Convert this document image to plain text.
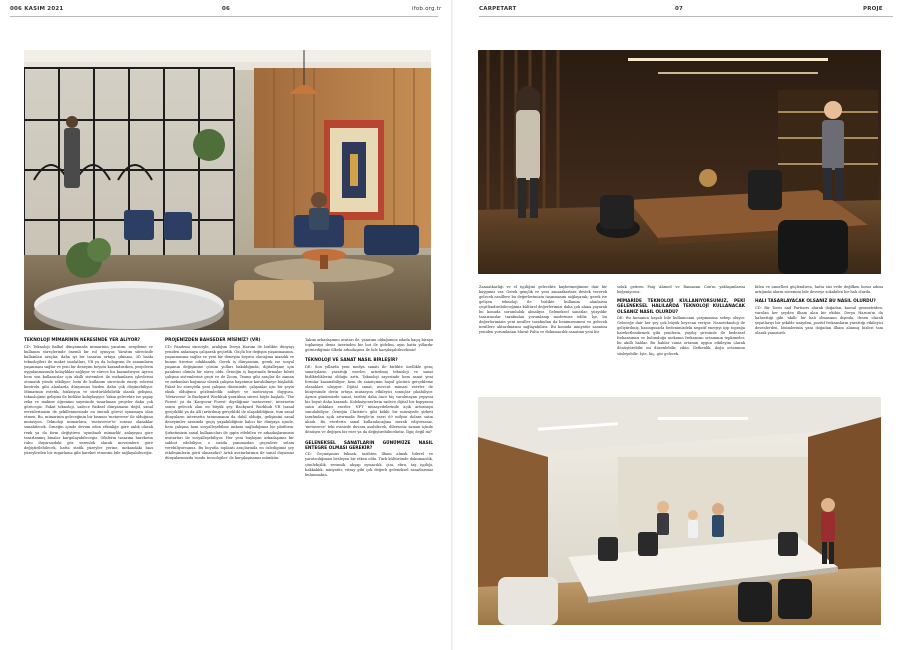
006 KASIM 2021	06	ifob.org.tr
TEKNOLOJİ MİMARİNİN NERESİNDE YER ALIYOR?

CD: Teknoloji Balkel dünyamızda mimarinin yaratım, sergileme ve kullanım süreçlerinde önemli bir rol oynuyor. Yaratım sürecinde kullanılan araçlar, daha iyi bir tasarım ortaya çıkması, 3D baskı teknolojileri ile maket imalatları, VR ya da hologram ile sanamların yaşanması sağlar ve yeni bir deneyim boyutu kazandırırken, projelerin uygulanmasında kolaylıklar sağlıyor ve sürece hız kazandırıyor. Ayrıca hem son kullanıcılar için akıllı sistemleri ile mekanların işlevlerini otomatik yönde etkiliyor; hem de kullanım sürecinde enerji rolerini kontrolu gibi alanlarda dünyamızı bizden daha çok düşünebiliyor. Mimarinin estetik, fonksiyon ve sürdürülebilirlik olarak gelişimi, teknolojinin gelişimi ile birlikte kolaylaşıyor. Yakın gelecekte ise yapay zeka ve makine öğrenimi sayesinde tasarlanan projeler daha çok görecegiz. Fakat teknoloji, sadece fiziksel dünyamızın değil, sanal evrenlerimizin de şekillenmesinde en önemli görevi oynamaya olan etmen. Bu, mimarinin geleceğinin bir kısmını 'metaverse' ile olduğunu mutasyon. Teknoloji mimarlara, 'metaverse'te sonsuz olanaklar sunabilecek. Örneğin içinde devam eden etkinliğe göre anlık olarak renk ya da form değiştiren 'oyunbazlı mimarlık' anlayışını göre tasarlanmış binalar kurgulayabilecegiz. Ofislerin tasarımı hareketin ruhu duyarsızdaki göz sezenlok olarak mevsimlere göre değiştirilebilecek, hatta statik yüzeyler yerine, mekandaki bazı yüzeylerden bir rugarlama gibi hareket etmesini bile sağlayabileceğiz.

PROJENİZDEN BAHSEDER MİSİNİZ? (VR)

CD: Pandemi süreciyle, aralığım Derya Harum ile birlikte dünyayı yeniden anlamaya çalışarak geçirdik. Güçlü bir değişim yaşanmasının, yaşanmasına sağlar ve yeni bir deneyim boyutu olacağına inandık ve bunun üzerine odaklandık. Gerek iş dünyasının, gerek ise sosyal yaşamın değişimine çözüm yolları bakıldığında, dijitalleşme için pandemi olumlu bir süreç oldu. Örneğin iş hayatında firmalar hibrit çalışma sistemlerine geçti ve de Zoom, Teams gibi araçlar ile zaman ve mekanları bağımsız olarak çalışma hayatımız kurabilmeye başladık. Fakat bu süreçteki yeni çalışma düzeninde, çalışanlar için bir şeyin eksik olduğunu gözlemledik: aidiyet ve motivasyon duygusu. 'Metaverse' le Backyard Workhub yaratılma süreci böyle başladı. 'The Forest' ya da 'Karguvar Forest' diyeliğimiz 'metaverse', internetin sonra gelecek olan en büyük şey. Backyard Workhub VR (sanal gerçeklik) ya da AR (artırılmış gerçeklik) ile ulaşabildiğiniz, tüm sanal dünyaların internetin tarammanın da dahil olduğu, gelişimini sanal deneyimler arasında geçiş yapabildiğiniz kalıcı bir dünyaya içinde, hem çalışma hem sosyalleşebilme imkanı sağladığımız bir platform. Şirketimizin sanal kullanıcıları ile gıpta edebilen ve arkadaşlarımızın avatarları ile sosyalleşebiliyor. Her yeni başlayan arkadaşımız bir sabbot edebiliyor, o sırada yanımızdan geçenlere selam verebiliyorsunuz. Bu boyutla toplantı araçlarında en özledigimiz şey etkileşimlerin görü olmasıdırı? Artık avatarlarımız ile sanal duyumuz dünyalarımızda 'modu tecnolojiler' ile karşılaşmamız mümkün.

Takım arkadaşımın avatarı ile, yanıtımı olduğumuz adada kaçış biraya toplantıya deniz üzerinden bir bot ile gidelim, ayın hatta yıllardır görmediğimiz ülkeki arkadaşınız ile bile karşılaşabilecekiniz!

TEKNOLOJİ VE SANAT NASIL BİRLEŞİR?

DE: Son yıllarda yeni medya sanatı ile birlikte özellikle genç sanatçıların yarattığı eserler, artırılmış teknoloji ve sanat birlikteliklerini olduğu arttı. Teknoloji sayesinde hem sanat yeni formlar kazanabiliyor, hem de sanatçının hayal gücünü gerçekleme olanakları ulaşıyor. Dijital sanat, mevcut mimari eserler de bünyesinde derin ortaya mutasyon etkileyici sonuçlar çıkabiliyor. Ayrıca günümüzde sanat, tarihte daha önce hiç varolmayan yepyeni bir boyut daha kazandı. Koleksiyonerlerin sadece dijital bir kopyasını satın aldıkları eserler. NFT müzayedelerinde açık artırmaya sunulabiliyor. Örneğin Christie's gibi köklü bir müzayede şirketi tarafından açık artırmada Beeple'in eseri 69 milyon dolara satın alındı. Bu eserlerin sanal kullanılacağına merak ediyorsanız, 'metaverse' teki evinizde duvara asabilecek, dilerseniz zaman içinde dönüşen ve değişen bir eser ya da değiştirebilecekstiz. İlgiç değil mi?

GELENEKSEL SANATLARIN GÜNÜMÜZE NASIL ENTEGRE OLMASI GEREKİR?

CD: Geçmişimizi bilmek, tarihten ilham almak bilerel ve yaratıcılığımızı besleyen bir etken oldu. Türk kültüründe dokumacılık, çömlekçilik, seramik, ahşap oymacılık, çini, ebru, taş işçiliği, hakkaklık, minyatür, vitray gibi çok değerli geleneksel sanatlarımız bulunmakta.

CARPETART	07	PROJE

Zanaatkarlığı ve el işçiliğini gelecekte kaybetmeğimize dair bir kaygımız var. Gerek gençlik ve yeni zanaatkarlara destek vererek gelecek nesillere bu değerlerimizin taşınmasını sağlayarak; gerek ise gelişen teknoloji ile birlikte kullanım alanlarını çeşitlendirebileceğimiz kültürel değerlerimizi daha çok alana yayarak bu konuda sorumluluk almalıyız. Geleneksel sanatlar, yüzyıldır tasarımcılar tarafından yorumlanıp modernize edilir. İşe, bu değerlerimizin yeni nesiller tarafından da benimsenmesi ve gelecek nesillere aktarılmasını sağlayabiliriz. Bu konuda minyatür sanatını yeniden yorumlanan Murat Palta ve dokumacılık sanatına yeni bir

soluk getiren Faig Ahmed ve Ramazan Can'ın yaklaşımlarını beğeniyoruz.

MİMARİDE TEKNOLOJİ KULLANIYORSUNUZ, PEKİ GELENEKSEL HALILARDA TEKNOLOJİ KULLANACAK OLSANIZ NASIL OLURDU?

DE: Bu konunun hayali bile kullanıcının çarpmasına sebep oluyor. Geleceğe dair her şey çok büyük heyecan veriyor. Nanoteknoloji ile geliştirilmiş, basıngusarla bedenimizdeki negatif enerjiyi içip toprağa hareketlendirmek gibi yenilerin, yayılış şiresinde ile bedensel frekansımızı ve bulunduğu mekanın frekansını ortamının tepkimeler, bu akıllı halılar. Bu halılar cama ortamın uygun etkileyim olarak dönüştürebilir mi düzenlebilir, zihin. İletkenlik, doğu ortamının süsleyebilir. İşte, hiç, göz gelecek.

bilen ve amorlleri güçlendiren, hatta sizi evde değilken hırsız adımı artığında alarm sistemini bile devreye sokabilen bir halı olurdu.

HALI TASARLAYACAK OLSANIZ BU NASIL OLURDU?

CD: Bir Tores and Partners olarak doğadan, kaosal geometriden, varolan her şeyden ilham alan bir ekibiz. Derya Harum'ın da bahsettiği gibi 'akıllı' bir halı olmasının dışında, desen olarak şeyatlarıyı bir şekilde uzaydan, pozitif frekansların yarattığı etkileyici desenlerden, bisimlerinin yani doğadan ilham alınmış bizleri tam olarak yansıtırdı.
